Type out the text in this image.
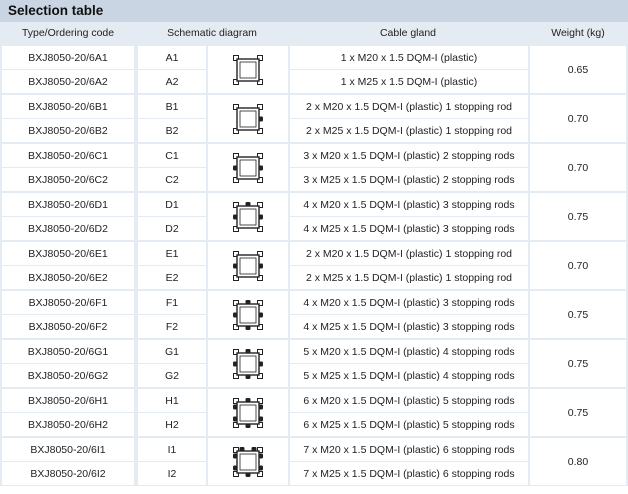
Selection table
Type/Ordering code	Schematic diagram	Cable gland	Weight (kg)
BXJ8050-20/6A1	A1	1 x M20 x 1.5 DQM-I (plastic)
BXJ8050-20/6A2	A2	1 x M25 x 1.5 DQM-I (plastic)
0.65
BXJ8050-20/6B1	B1	2 x M20 x 1.5 DQM-I (plastic) 1 stopping rod
BXJ8050-20/6B2	B2	2 x M25 x 1.5 DQM-I (plastic) 1 stopping rod
0.70
BXJ8050-20/6C1	C1	3 x M20 x 1.5 DQM-I (plastic) 2 stopping rods
BXJ8050-20/6C2	C2	3 x M25 x 1.5 DQM-I (plastic) 2 stopping rods
0.70
BXJ8050-20/6D1	D1	4 x M20 x 1.5 DQM-I (plastic) 3 stopping rods
BXJ8050-20/6D2	D2	4 x M25 x 1.5 DQM-I (plastic) 3 stopping rods
0.75
BXJ8050-20/6E1	E1	2 x M20 x 1.5 DQM-I (plastic) 1 stopping rod
BXJ8050-20/6E2	E2	2 x M25 x 1.5 DQM-I (plastic) 1 stopping rod
0.70
BXJ8050-20/6F1	F1	4 x M20 x 1.5 DQM-I (plastic) 3 stopping rods
BXJ8050-20/6F2	F2	4 x M25 x 1.5 DQM-I (plastic) 3 stopping rods
0.75
BXJ8050-20/6G1	G1	5 x M20 x 1.5 DQM-I (plastic) 4 stopping rods
BXJ8050-20/6G2	G2	5 x M25 x 1.5 DQM-I (plastic) 4 stopping rods
0.75
BXJ8050-20/6H1	H1	6 x M20 x 1.5 DQM-I (plastic) 5 stopping rods
BXJ8050-20/6H2	H2	6 x M25 x 1.5 DQM-I (plastic) 5 stopping rods
0.75
BXJ8050-20/6I1	I1	7 x M20 x 1.5 DQM-I (plastic) 6 stopping rods
BXJ8050-20/6I2	I2	7 x M25 x 1.5 DQM-I (plastic) 6 stopping rods
0.80
